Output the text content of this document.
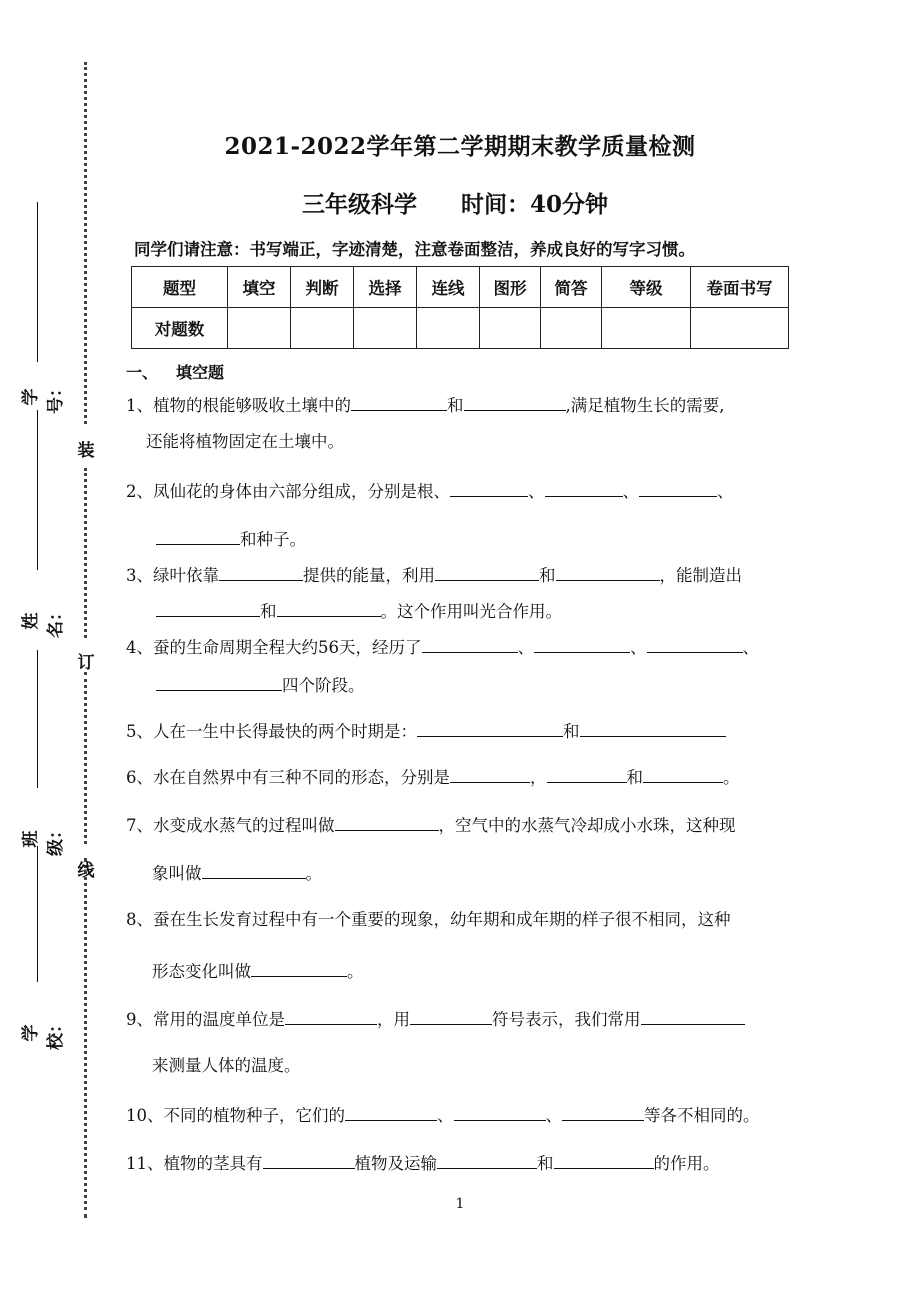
装
订
线
学号：
姓名：
班级：
学校：
2021-2022学年第二学期期末教学质量检测
三年级科学 时间：40分钟
同学们请注意：书写端正，字迹清楚，注意卷面整洁，养成良好的写字习惯。
题型	填空	判断	选择	连线	图形	简答	等级	卷面书写
对题数								
一、 填空题
1、植物的根能够吸收土壤中的	和	,满足植物生长的需要,
还能将植物固定在土壤中。
2、凤仙花的身体由六部分组成，分别是根、	、	、	、
和种子。
3、绿叶依靠	提供的能量，利用	和	，能制造出
和	。这个作用叫光合作用。
4、蚕的生命周期全程大约56天，经历了	、	、	、
四个阶段。
5、人在一生中长得最快的两个时期是：	和
6、水在自然界中有三种不同的形态，分别是	，	和	。
7、水变成水蒸气的过程叫做	，空气中的水蒸气冷却成小水珠，这种现
象叫做	。
8、蚕在生长发育过程中有一个重要的现象，幼年期和成年期的样子很不相同，这种
形态变化叫做	。
9、常用的温度单位是	，用	符号表示，我们常用
来测量人体的温度。
10、不同的植物种子，它们的	、	、	等各不相同的。
11、植物的茎具有	植物及运输	和	的作用。
1
